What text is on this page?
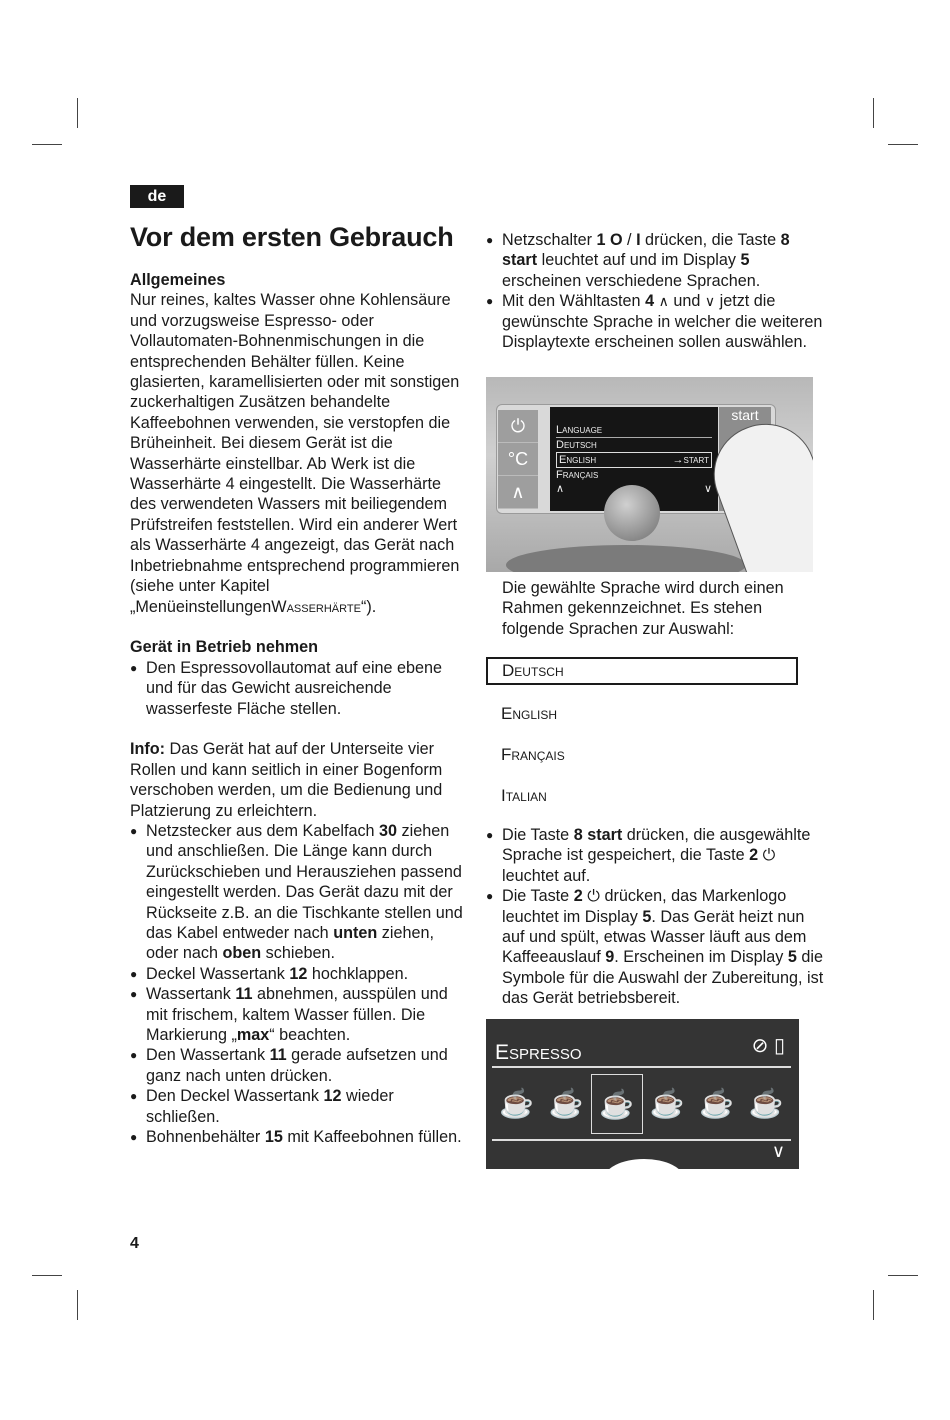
de
Vor dem ersten Gebrauch

Allgemeines

Nur reines, kaltes Wasser ohne Kohlensäure und vorzugsweise Espresso- oder Vollautomaten-Bohnenmischungen in die entsprechenden Behälter füllen. Keine glasierten, karamellisierten oder mit sonstigen zuckerhaltigen Zusätzen behandelte Kaffeebohnen verwenden, sie verstopfen die Brüheinheit. Bei diesem Gerät ist die Wasserhärte einstellbar. Ab Werk ist die Wasserhärte 4 eingestellt. Die Wasserhärte des verwendeten Wassers mit beiliegendem Prüfstreifen feststellen. Wird ein anderer Wert als Wasserhärte 4 angezeigt, das Gerät nach Inbetriebnahme entsprechend programmieren (siehe unter Kapitel „MenüeinstellungenWasserhärte“).

Gerät in Betrieb nehmen

● Den Espressovollautomat auf eine ebene und für das Gewicht ausreichende wasserfeste Fläche stellen.

Info: Das Gerät hat auf der Unterseite vier Rollen und kann seitlich in einer Bogenform verschoben werden, um die Bedienung und Platzierung zu erleichtern.

● Netzstecker aus dem Kabelfach 30 ziehen und anschließen. Die Länge kann durch Zurückschieben und Herausziehen passend eingestellt werden. Das Gerät dazu mit der Rückseite z.B. an die Tischkante stellen und das Kabel entweder nach unten ziehen, oder nach oben schieben.
● Deckel Wassertank 12 hochklappen.
● Wassertank 11 abnehmen, ausspülen und mit frischem, kaltem Wasser füllen. Die Markierung „max“ beachten.
● Den Wassertank 11 gerade aufsetzen und ganz nach unten drücken.
● Den Deckel Wassertank 12 wieder schließen.
● Bohnenbehälter 15 mit Kaffeebohnen füllen.
● Netzschalter 1 O / I drücken, die Taste 8 start leuchtet auf und im Display 5 erscheinen verschiedene Sprachen.
● Mit den Wähltasten 4 ∧ und ∨ jetzt die gewünschte Sprache in welcher die weiteren Displaytexte erscheinen sollen auswählen.
⏻
°C
∧
Language
Deutsch
English	→start
Français
∧	∨
start
Die gewählte Sprache wird durch einen Rahmen gekennzeichnet. Es stehen folgende Sprachen zur Auswahl:
Deutsch
English
Français
Italian
● Die Taste 8 start drücken, die ausgewählte Sprache ist gespeichert, die Taste 2 ⏻
leuchtet auf.
● Die Taste 2 ⏻ drücken, das Markenlogo leuchtet im Display 5. Das Gerät heizt nun auf und spült, etwas Wasser läuft aus dem Kaffeeauslauf 9. Erscheinen im Display 5 die Symbole für die Auswahl der Zubereitung, ist das Gerät betriebsbereit.
Espresso	⊘ ▯
☕ ☕ ☕ ☕ ☕ ☕
∨
4
